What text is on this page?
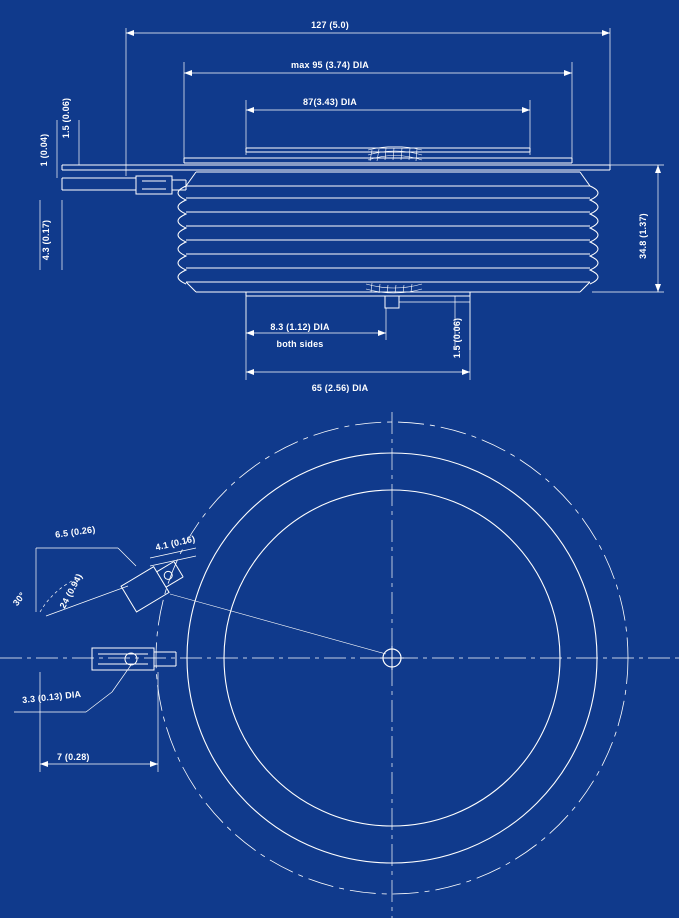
127 (5.0)
max 95 (3.74) DIA
87(3.43) DIA
1 (0.04)
1.5 (0.06)
4.3 (0.17)	34.8 (1.37)
8.3 (1.12) DIA
both sides	1.5 (0.06)
65 (2.56) DIA
6.5 (0.26)
4.1 (0.16)
30°	24 (0.94)
3.3 (0.13) DIA
7 (0.28)
